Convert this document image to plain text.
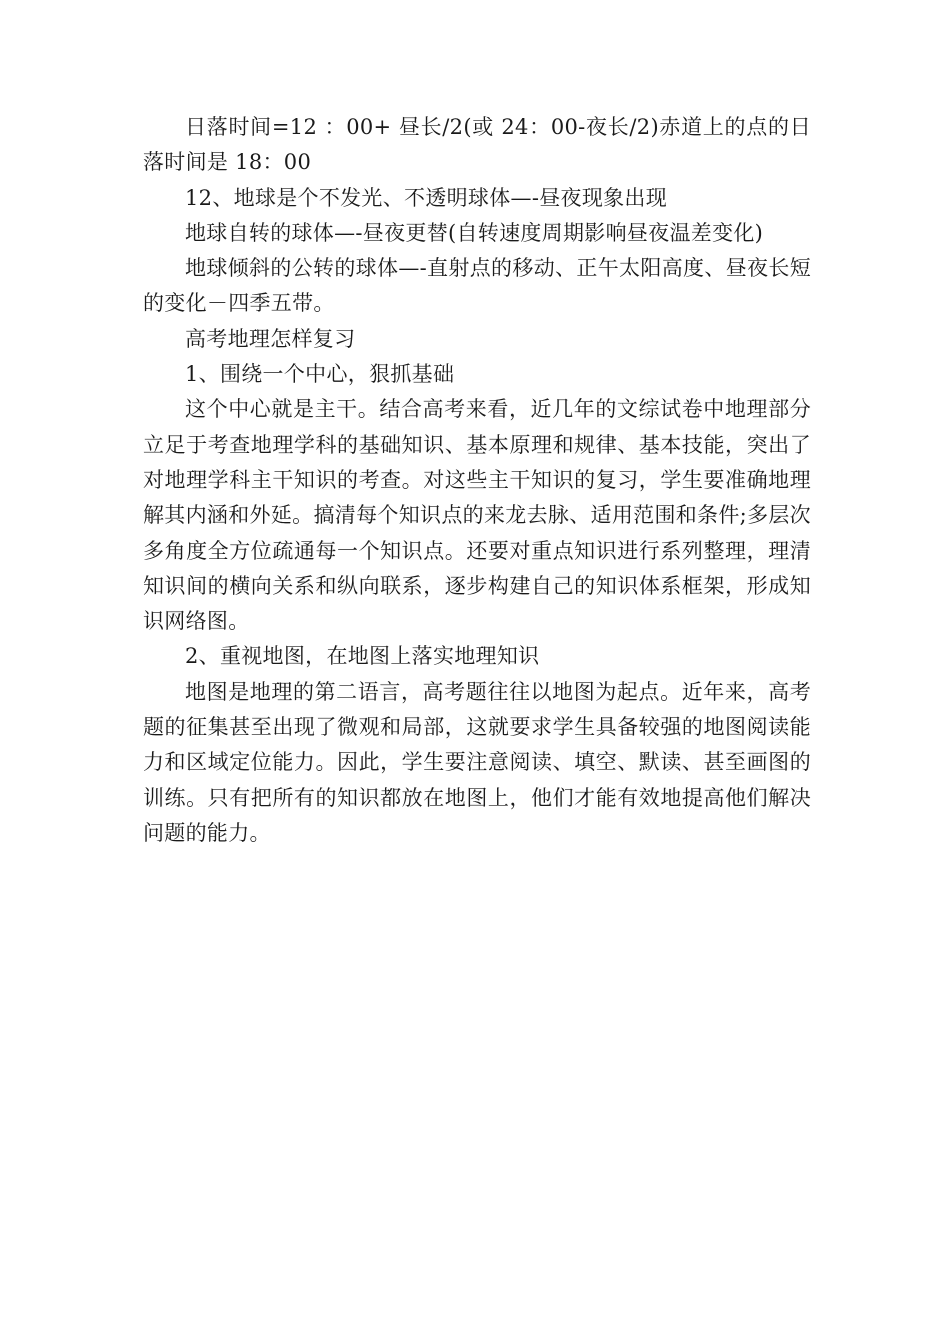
日落时间=12 ：00+ 昼长/2(或 24：00-夜长/2)赤道上的点的日落时间是 18：00

12、地球是个不发光、不透明球体—-昼夜现象出现

地球自转的球体—-昼夜更替(自转速度周期影响昼夜温差变化)

地球倾斜的公转的球体—-直射点的移动、正午太阳高度、昼夜长短的变化－四季五带。

高考地理怎样复习

1、围绕一个中心，狠抓基础

这个中心就是主干。结合高考来看，近几年的文综试卷中地理部分立足于考查地理学科的基础知识、基本原理和规律、基本技能，突出了对地理学科主干知识的考查。对这些主干知识的复习，学生要准确地理解其内涵和外延。搞清每个知识点的来龙去脉、适用范围和条件;多层次多角度全方位疏通每一个知识点。还要对重点知识进行系列整理，理清知识间的横向关系和纵向联系，逐步构建自己的知识体系框架，形成知识网络图。

2、重视地图，在地图上落实地理知识

地图是地理的第二语言，高考题往往以地图为起点。近年来，高考题的征集甚至出现了微观和局部，这就要求学生具备较强的地图阅读能力和区域定位能力。因此，学生要注意阅读、填空、默读、甚至画图的训练。只有把所有的知识都放在地图上，他们才能有效地提高他们解决问题的能力。
